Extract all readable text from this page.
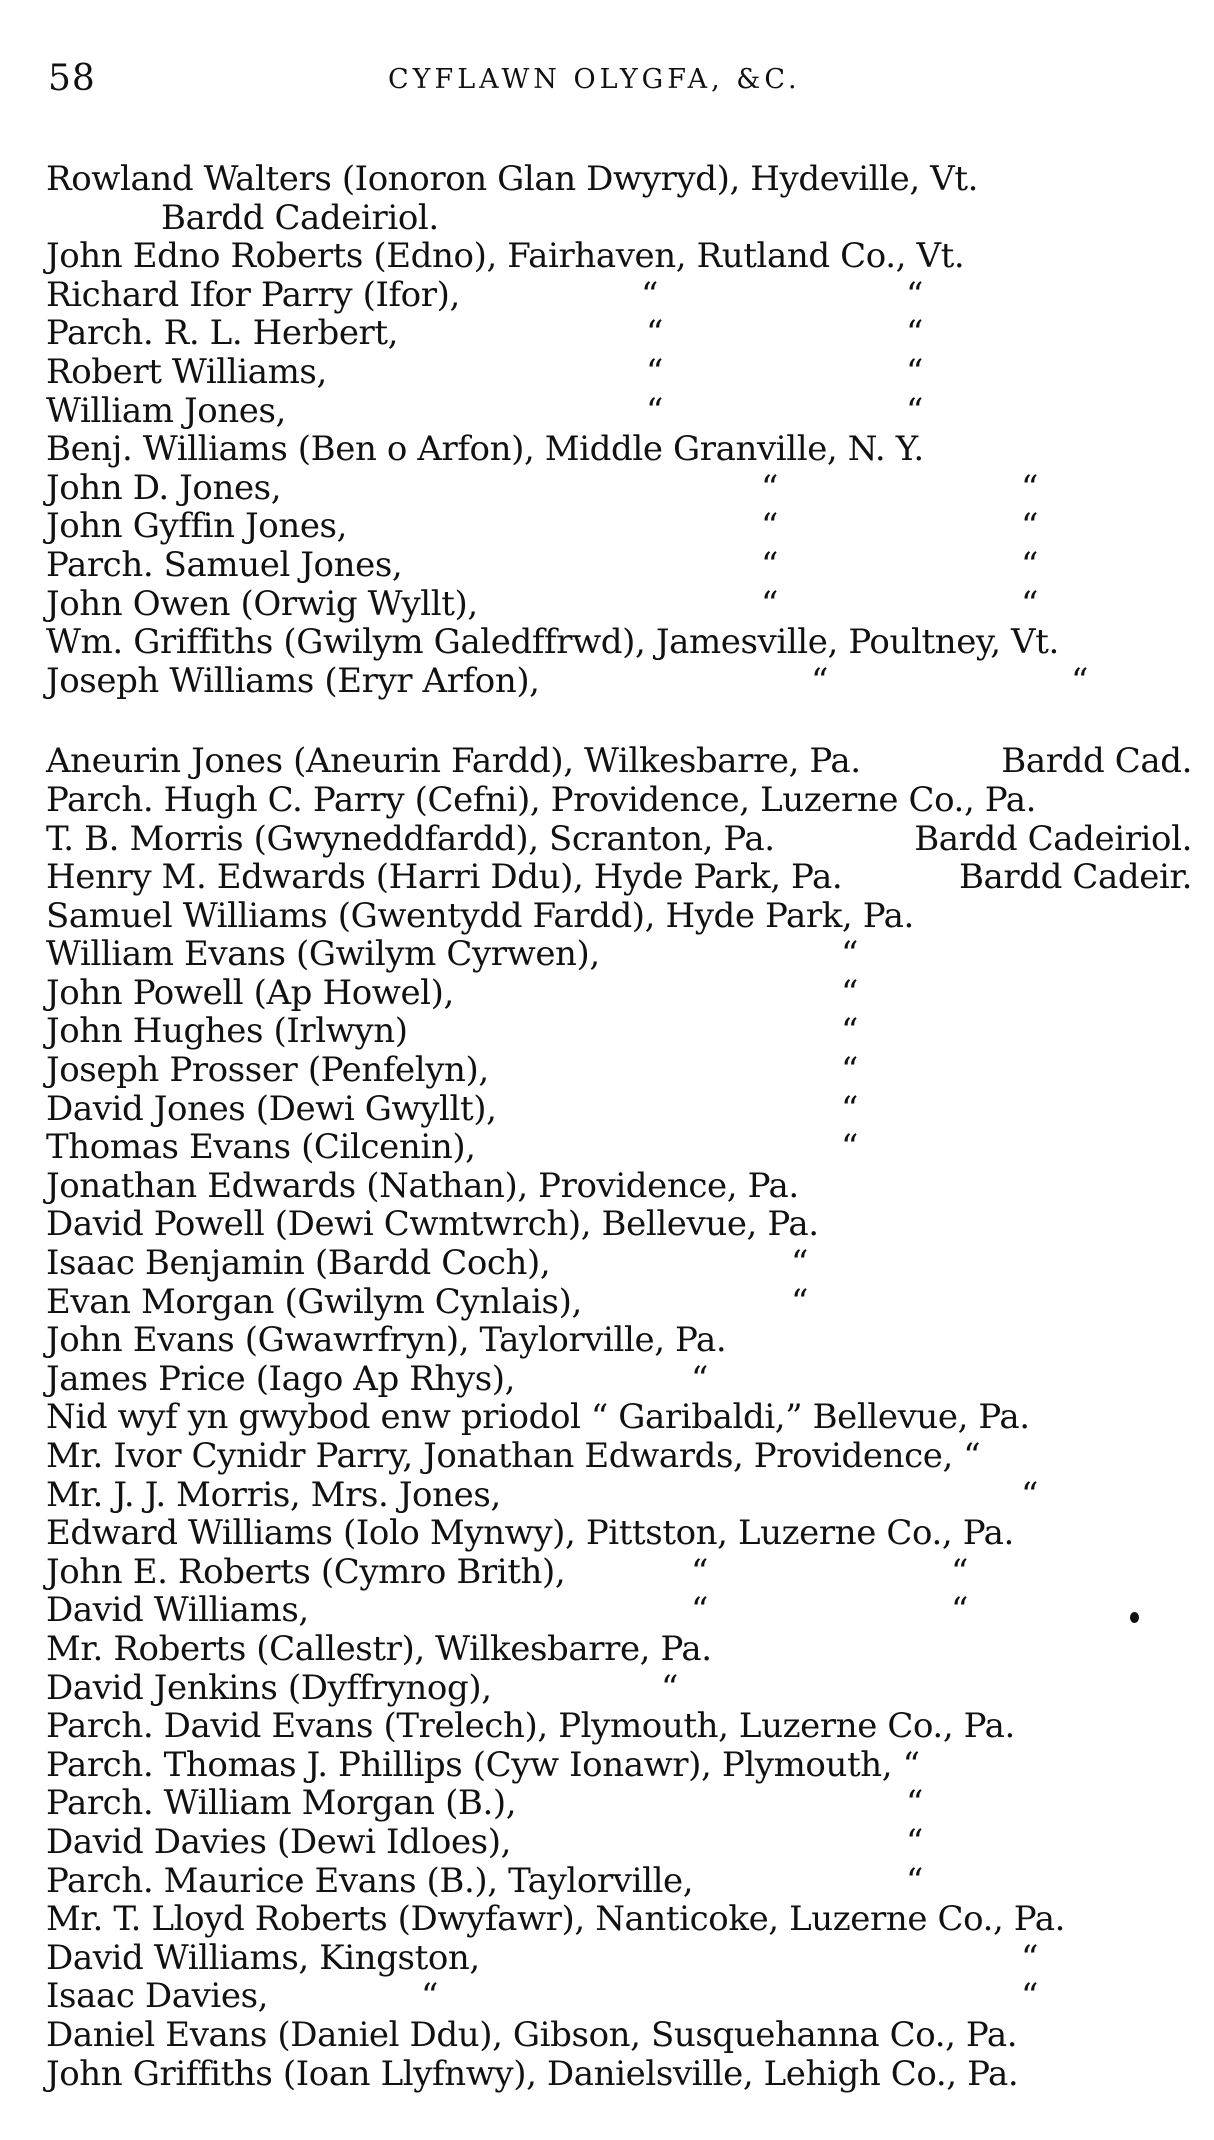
58	CYFLAWN OLYGFA, &C.
Rowland Walters (Ionoron Glan Dwyryd), Hydeville, Vt.
Bardd Cadeiriol.
John Edno Roberts (Edno), Fairhaven, Rutland Co., Vt.
Richard Ifor Parry (Ifor),	“	“
Parch. R. L. Herbert,	“	“
Robert Williams,	“	“
William Jones,	“	“
Benj. Williams (Ben o Arfon), Middle Granville, N. Y.
John D. Jones,	“	“
John Gyffin Jones,	“	“
Parch. Samuel Jones,	“	“
John Owen (Orwig Wyllt),	“	“
Wm. Griffiths (Gwilym Galedffrwd), Jamesville, Poultney, Vt.
Joseph Williams (Eryr Arfon),	“	“
Aneurin Jones (Aneurin Fardd), Wilkesbarre, Pa.	Bardd Cad.
Parch. Hugh C. Parry (Cefni), Providence, Luzerne Co., Pa.
T. B. Morris (Gwyneddfardd), Scranton, Pa.	Bardd Cadeiriol.
Henry M. Edwards (Harri Ddu), Hyde Park, Pa.	Bardd Cadeir.
Samuel Williams (Gwentydd Fardd), Hyde Park, Pa.
William Evans (Gwilym Cyrwen),	“
John Powell (Ap Howel),	“
John Hughes (Irlwyn)	“
Joseph Prosser (Penfelyn),	“
David Jones (Dewi Gwyllt),	“
Thomas Evans (Cilcenin),	“
Jonathan Edwards (Nathan), Providence, Pa.
David Powell (Dewi Cwmtwrch), Bellevue, Pa.
Isaac Benjamin (Bardd Coch),	“
Evan Morgan (Gwilym Cynlais),	“
John Evans (Gwawrfryn), Taylorville, Pa.
James Price (Iago Ap Rhys),	“
Nid wyf yn gwybod enw priodol “ Garibaldi,” Bellevue, Pa.
Mr. Ivor Cynidr Parry, Jonathan Edwards, Providence, “
Mr. J. J. Morris, Mrs. Jones,	“
Edward Williams (Iolo Mynwy), Pittston, Luzerne Co., Pa.
John E. Roberts (Cymro Brith),	“	“
David Williams,	“	“
Mr. Roberts (Callestr), Wilkesbarre, Pa.
David Jenkins (Dyffrynog),	“
Parch. David Evans (Trelech), Plymouth, Luzerne Co., Pa.
Parch. Thomas J. Phillips (Cyw Ionawr), Plymouth, “
Parch. William Morgan (B.),	“
David Davies (Dewi Idloes),	“
Parch. Maurice Evans (B.), Taylorville,	“
Mr. T. Lloyd Roberts (Dwyfawr), Nanticoke, Luzerne Co., Pa.
David Williams, Kingston,	“
Isaac Davies,	“	“
Daniel Evans (Daniel Ddu), Gibson, Susquehanna Co., Pa.
John Griffiths (Ioan Llyfnwy), Danielsville, Lehigh Co., Pa.
